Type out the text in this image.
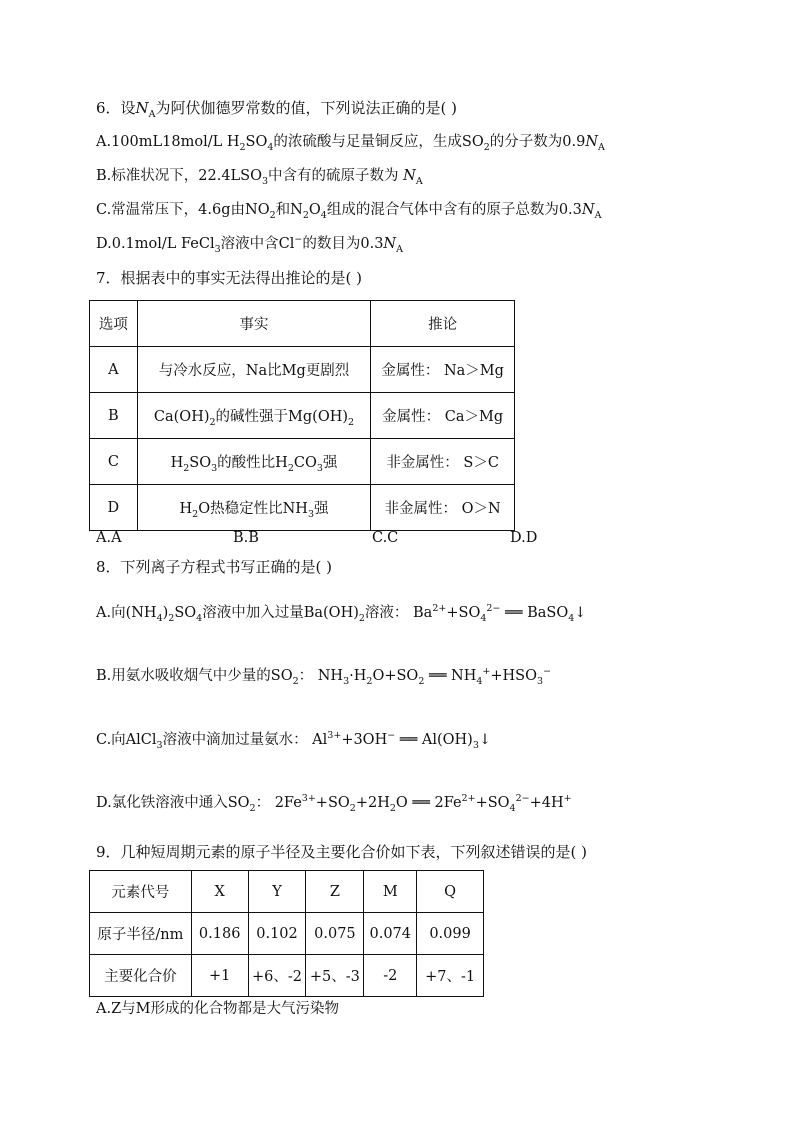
6．设$N_A$为阿伏伽德罗常数的值，下列说法正确的是( )
A.100mL18mol/L $H_2SO_4$的浓硫酸与足量铜反应，生成$SO_2$的分子数为$0.9N_A$
B.标准状况下，$22.4LSO_3$中含有的硫原子数为 $N_A$
C.常温常压下，4.6g由$NO_2$和$N_2O_4$组成的混合气体中含有的原子总数为$0.3N_A$
D.0.1mol/L FeCl$_3$溶液中含Cl−的数目为$0.3N_A$
7．根据表中的事实无法得出推论的是( )
选项	事实	推论
A	与冷水反应，Na比Mg更剧烈	金属性： Na＞Mg
B	$Ca(OH)_2$的碱性强于$Mg(OH)_2$	金属性： Ca＞Mg
C	$H_2SO_3$的酸性比$H_2CO_3$强	非金属性： S＞C
D	$H_2O$热稳定性比$NH_3$强	非金属性： O＞N
A.A	B.B	C.C	D.D
8．下列离子方程式书写正确的是( )
A.向$(NH_4)_2SO_4$溶液中加入过量$Ba(OH)_2$溶液： $Ba^{2+}+SO_4^{2-}$ ══ BaSO$_4$↓
B.用氨水吸收烟气中少量的$SO_2$： $NH_3\cdot H_2O+SO_2$ ══ $NH_4^++HSO_3^-$
C.向AlCl$_3$溶液中滴加过量氨水： $Al^{3+}+3OH^-$ ══ $Al(OH)_3↓$
D.氯化铁溶液中通入$SO_2$： $2Fe^{3+}+SO_2+2H_2O$ ══ $2Fe^{2+}+SO_4^{2-}+4H^+$
9．几种短周期元素的原子半径及主要化合价如下表，下列叙述错误的是( )
元素代号	X	Y	Z	M	Q
原子半径/nm	0.186	0.102	0.075	0.074	0.099
主要化合价	+1	+6、-2	+5、-3	-2	+7、-1
A.Z与M形成的化合物都是大气污染物
